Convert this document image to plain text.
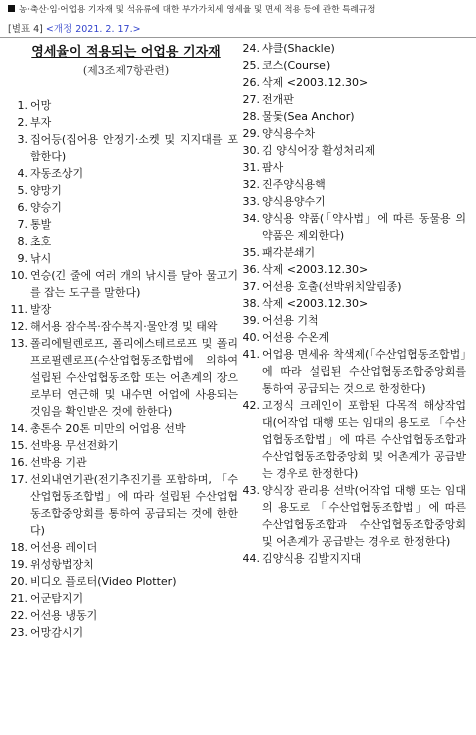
농·축산·임·어업용 기자재 및 석유류에 대한 부가가치세 영세율 및 면세 적용 등에 관한 특례규정
[별표 4] <개정 2021. 2. 17.>
영세율이 적용되는 어업용 기자재
(제3조제7항관련)
1. 어망
2. 부자
3. 집어등(집어용 안정기·소켓 및 지지대를 포함한다)
4. 자동조상기
5. 양망기
6. 양승기
7. 통발
8. 초호
9. 낚시
10. 연승(긴 줄에 여러 개의 낚시를 달아 물고기를 잡는 도구를 말한다)
11. 발장
12. 해서용 잠수복·잠수복지·물안경 및 태왁
13. 폴리에틸렌로프, 폴리에스테르로프 및 폴리프로필렌로프(수산업협동조합법에 의하여 설립된 수산업협동조합 또는 어촌계의 장으로부터 연근해 및 내수면 어업에 사용되는 것임을 확인받은 것에 한한다)
14. 총톤수 20톤 미만의 어업용 선박
15. 선박용 무선전화기
16. 선박용 기관
17. 선외내연기관(전기추진기를 포함하며, 「수산업협동조합법」에 따라 설립된 수산업협동조합중앙회를 통하여 공급되는 것에 한한다)
18. 어선용 레이더
19. 위성항법장치
20. 비디오 플로터(Video Plotter)
21. 어군탐지기
22. 어선용 냉동기
23. 어망감시기
24. 샤클(Shackle)
25. 코스(Course)
26. 삭제 <2003.12.30>
27. 전개판
28. 물돛(Sea Anchor)
29. 양식용수차
30. 김 양식어장 활성처리제
31. 팜사
32. 진주양식용핵
33. 양식용양수기
34. 양식용 약품(「약사법」에 따른 동물용 의약품은 제외한다)
35. 패각분쇄기
36. 삭제 <2003.12.30>
37. 어선용 호출(선박위치알림종)
38. 삭제 <2003.12.30>
39. 어선용 기척
40. 어선용 수온계
41. 어업용 면세유 착색제(「수산업협동조합법」에 따라 설립된 수산업협동조합중앙회를 통하여 공급되는 것으로 한정한다)
42. 고정식 크레인이 포함된 다목적 해상작업대(어작업 대행 또는 임대의 용도로 「수산업협동조합법」에 따른 수산업협동조합과 수산업협동조합중앙회 및 어촌계가 공급받는 경우로 한정한다)
43. 양식장 관리용 선박(어작업 대행 또는 임대의 용도로 「수산업협동조합법」에 따른 수산업협동조합과 수산업협동조합중앙회 및 어촌계가 공급받는 경우로 한정한다)
44. 김양식용 김발지지대
